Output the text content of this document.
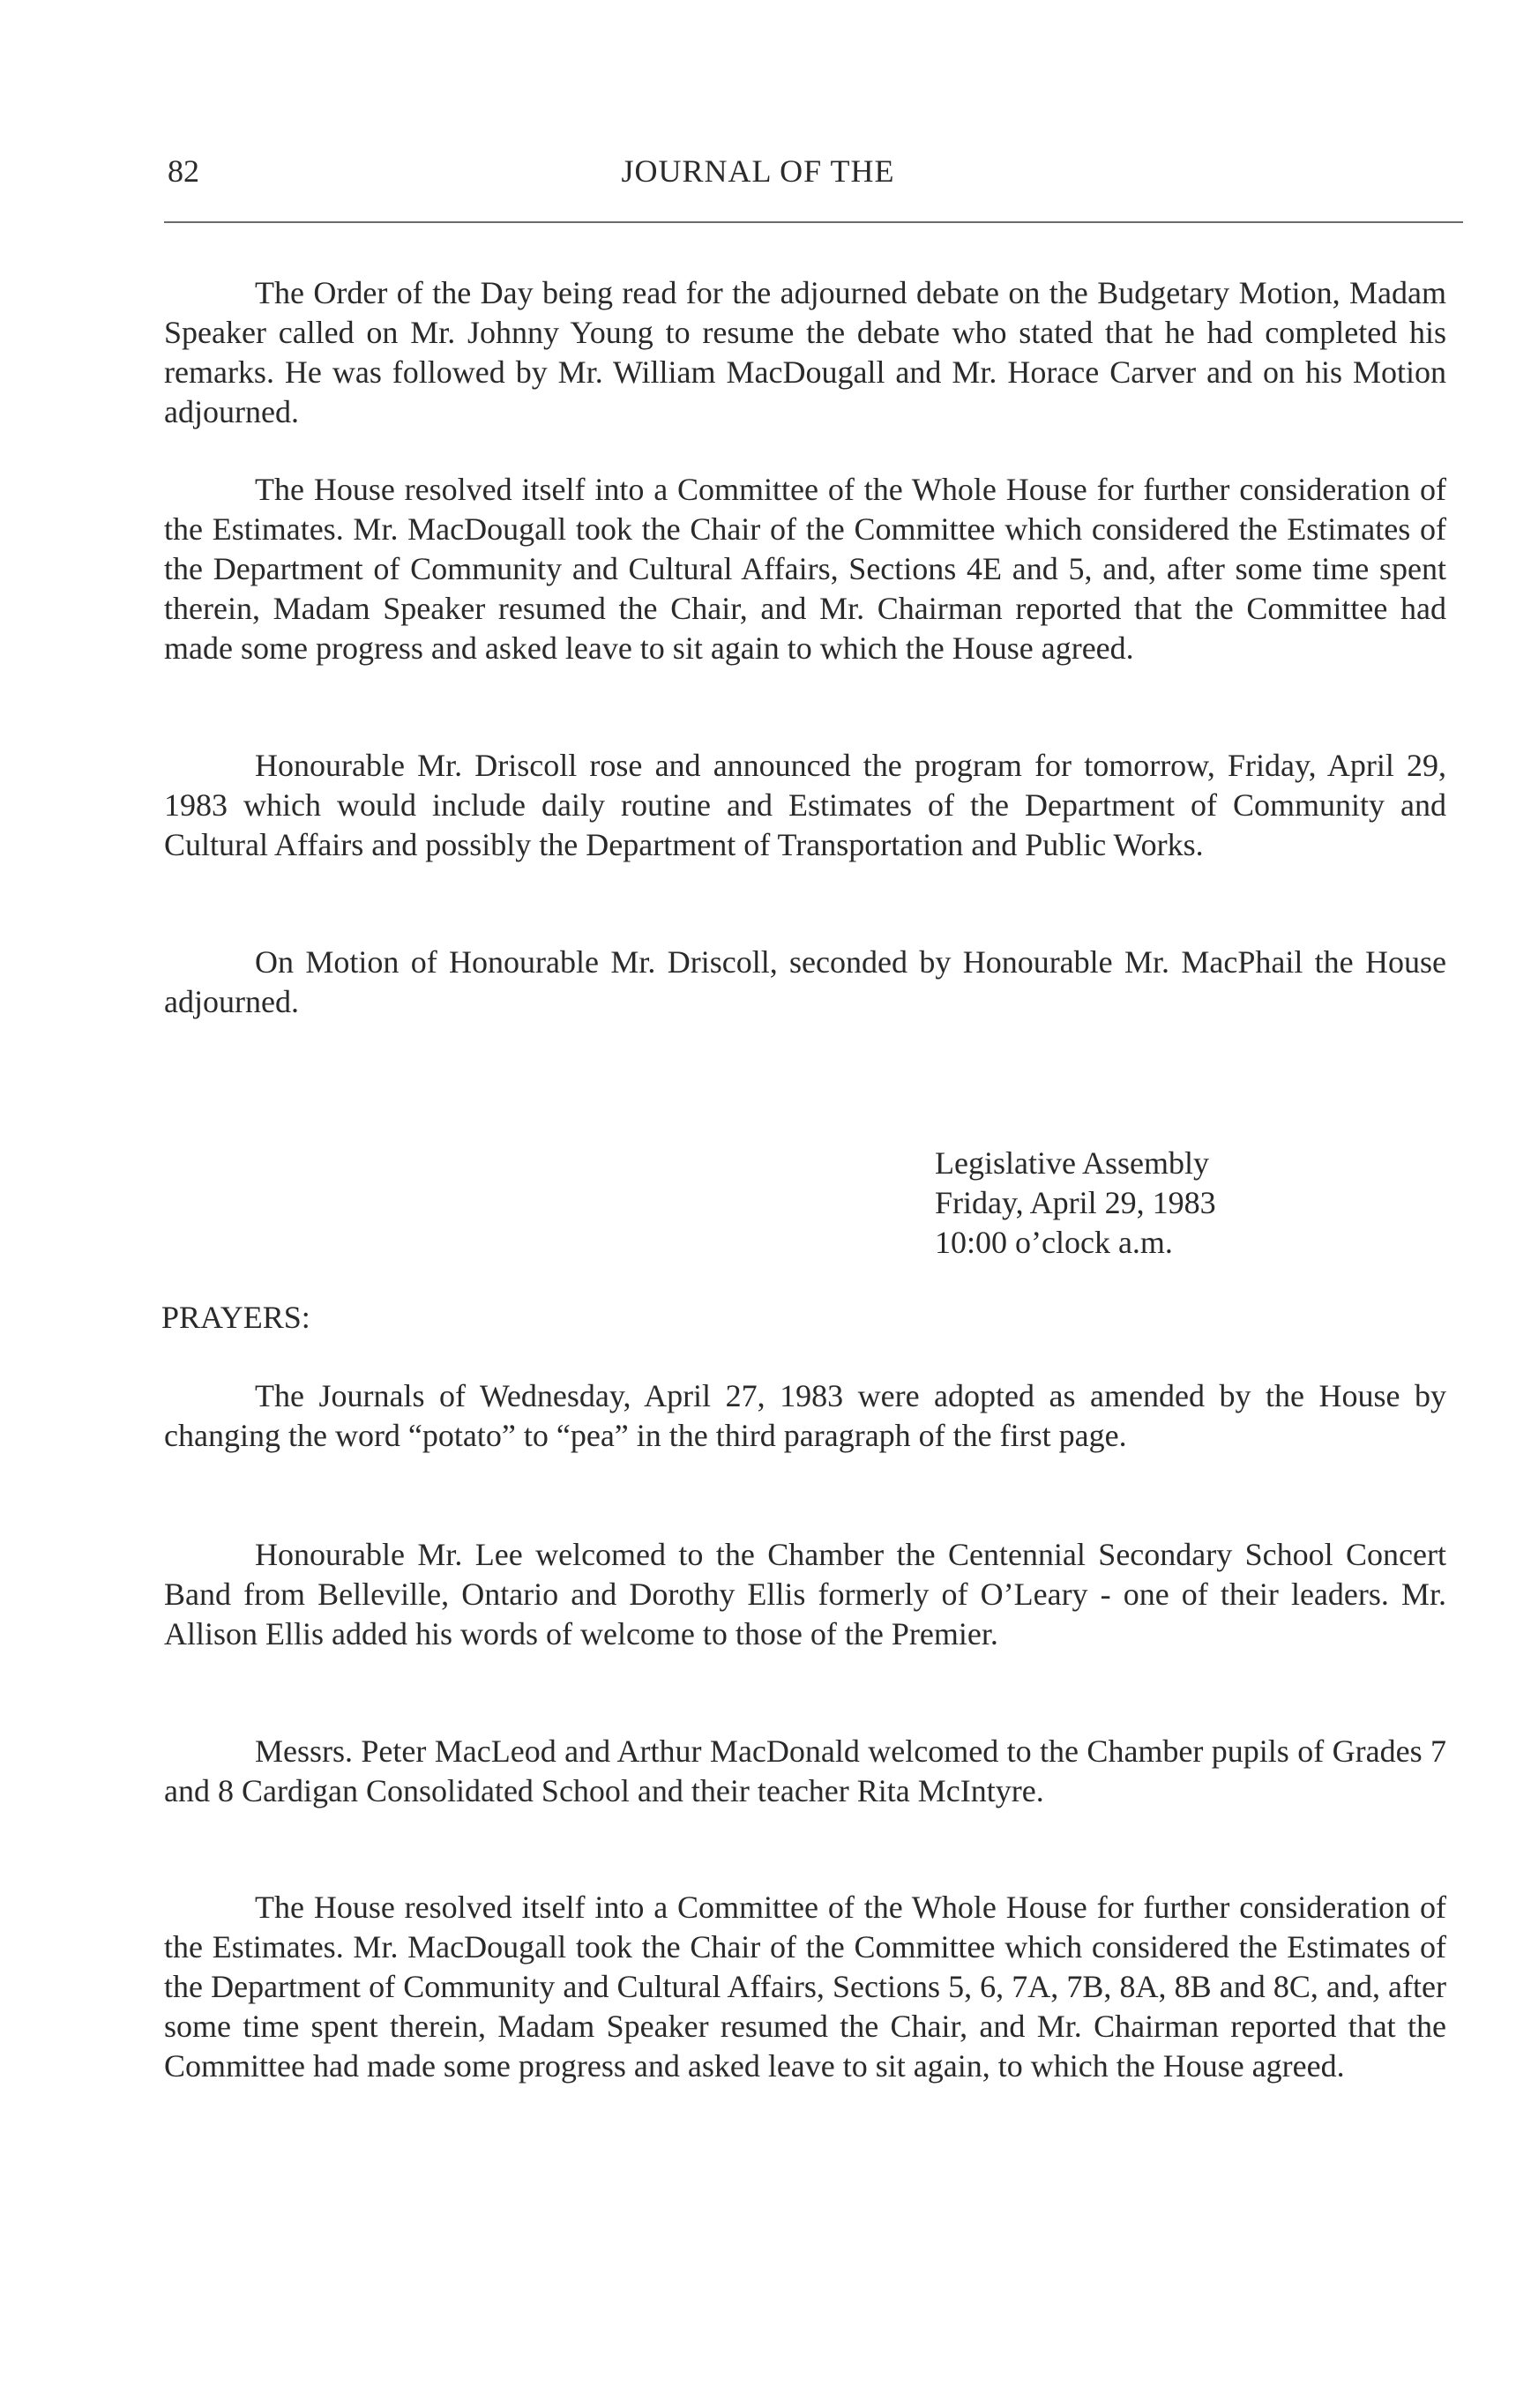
82	JOURNAL OF THE

The Order of the Day being read for the adjourned debate on the Budgetary Motion, Madam Speaker called on Mr. Johnny Young to resume the debate who stated that he had completed his remarks. He was followed by Mr. William MacDougall and Mr. Horace Carver and on his Motion adjourned.

The House resolved itself into a Committee of the Whole House for further consideration of the Estimates. Mr. MacDougall took the Chair of the Committee which considered the Estimates of the Department of Community and Cultural Affairs, Sections 4E and 5, and, after some time spent therein, Madam Speaker resumed the Chair, and Mr. Chairman reported that the Committee had made some progress and asked leave to sit again to which the House agreed.

Honourable Mr. Driscoll rose and announced the program for tomorrow, Friday, April 29, 1983 which would include daily routine and Estimates of the Department of Community and Cultural Affairs and possibly the Department of Transportation and Public Works.

On Motion of Honourable Mr. Driscoll, seconded by Honourable Mr. MacPhail the House adjourned.

Legislative Assembly
Friday, April 29, 1983
10:00 o’clock a.m.
PRAYERS:

The Journals of Wednesday, April 27, 1983 were adopted as amended by the House by changing the word “potato” to “pea” in the third paragraph of the first page.

Honourable Mr. Lee welcomed to the Chamber the Centennial Secondary School Concert Band from Belleville, Ontario and Dorothy Ellis formerly of O’Leary - one of their leaders. Mr. Allison Ellis added his words of welcome to those of the Premier.

Messrs. Peter MacLeod and Arthur MacDonald welcomed to the Chamber pupils of Grades 7 and 8 Cardigan Consolidated School and their teacher Rita McIntyre.

The House resolved itself into a Committee of the Whole House for further consideration of the Estimates. Mr. MacDougall took the Chair of the Committee which considered the Estimates of the Department of Community and Cultural Affairs, Sections 5, 6, 7A, 7B, 8A, 8B and 8C, and, after some time spent therein, Madam Speaker resumed the Chair, and Mr. Chairman reported that the Committee had made some progress and asked leave to sit again, to which the House agreed.
